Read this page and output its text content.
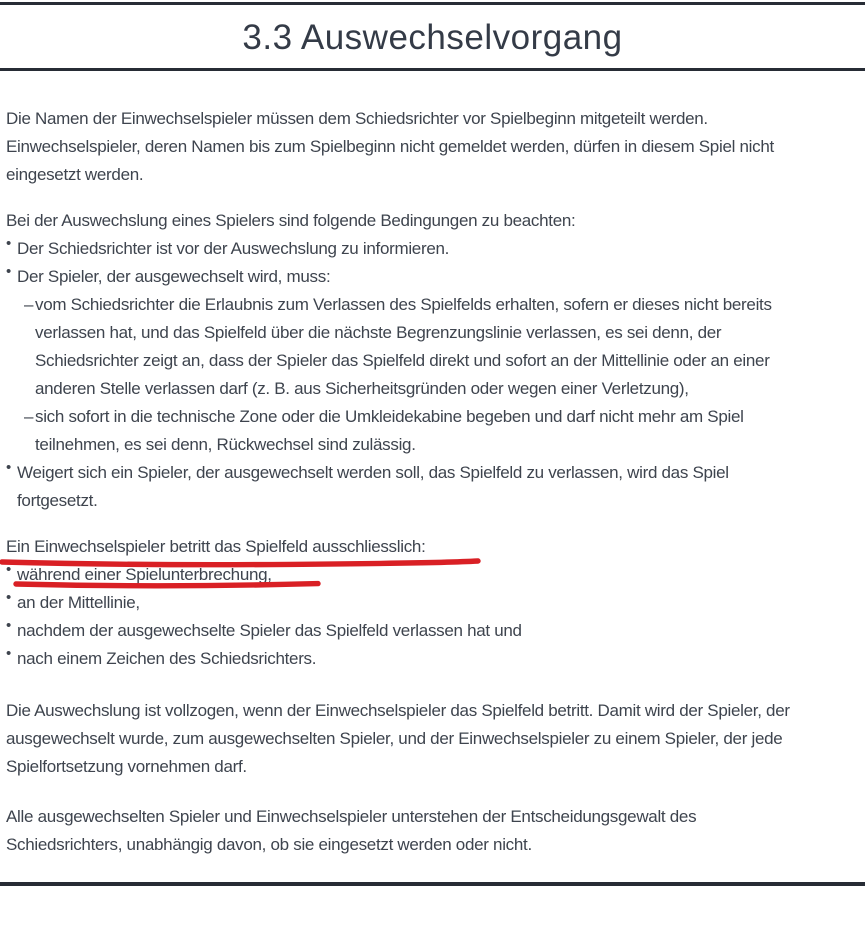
3.3 Auswechselvorgang

Die Namen der Einwechselspieler müssen dem Schiedsrichter vor Spielbeginn mitgeteilt werden.
Einwechselspieler, deren Namen bis zum Spielbeginn nicht gemeldet werden, dürfen in diesem Spiel nicht
eingesetzt werden.

Bei der Auswechslung eines Spielers sind folgende Bedingungen zu beachten:

• Der Schiedsrichter ist vor der Auswechslung zu informieren.
• Der Spieler, der ausgewechselt wird, muss:
– vom Schiedsrichter die Erlaubnis zum Verlassen des Spielfelds erhalten, sofern er dieses nicht bereits
verlassen hat, und das Spielfeld über die nächste Begrenzungslinie verlassen, es sei denn, der
Schiedsrichter zeigt an, dass der Spieler das Spielfeld direkt und sofort an der Mittellinie oder an einer
anderen Stelle verlassen darf (z. B. aus Sicherheitsgründen oder wegen einer Verletzung),
– sich sofort in die technische Zone oder die Umkleidekabine begeben und darf nicht mehr am Spiel
teilnehmen, es sei denn, Rückwechsel sind zulässig.
• Weigert sich ein Spieler, der ausgewechselt werden soll, das Spielfeld zu verlassen, wird das Spiel
fortgesetzt.

Ein Einwechselspieler betritt das Spielfeld ausschliesslich:

• während einer Spielunterbrechung,
• an der Mittellinie,
• nachdem der ausgewechselte Spieler das Spielfeld verlassen hat und
• nach einem Zeichen des Schiedsrichters.

Die Auswechslung ist vollzogen, wenn der Einwechselspieler das Spielfeld betritt. Damit wird der Spieler, der
ausgewechselt wurde, zum ausgewechselten Spieler, und der Einwechselspieler zu einem Spieler, der jede
Spielfortsetzung vornehmen darf.

Alle ausgewechselten Spieler und Einwechselspieler unterstehen der Entscheidungsgewalt des
Schiedsrichters, unabhängig davon, ob sie eingesetzt werden oder nicht.
